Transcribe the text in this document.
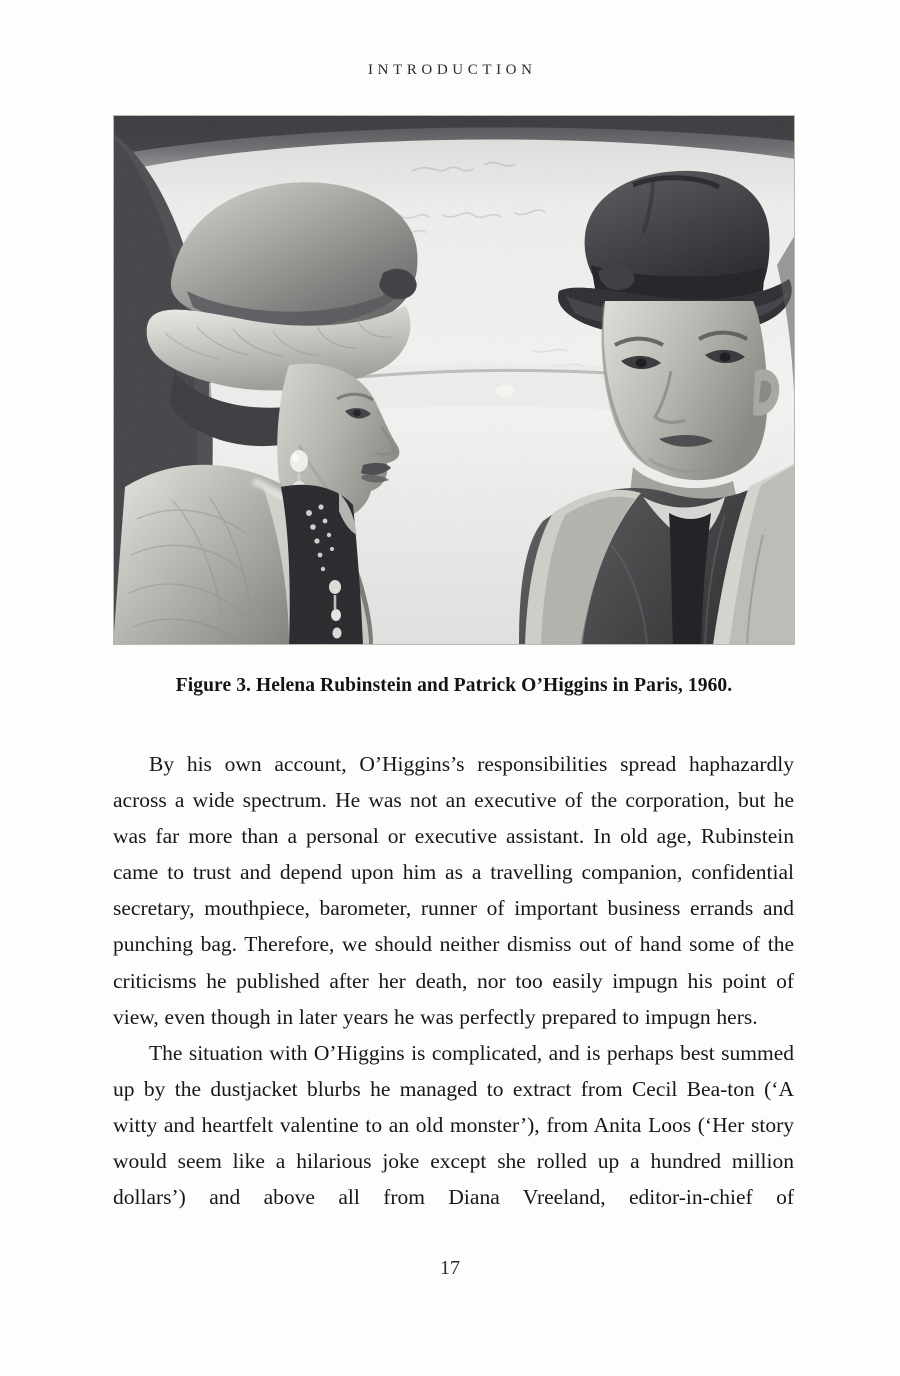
INTRODUCTION
Figure 3. Helena Rubinstein and Patrick O’Higgins in Paris, 1960.

By his own account, O’Higgins’s responsibilities spread haphazardly across a wide spectrum. He was not an executive of the corporation, but he was far more than a personal or executive assistant. In old age, Rubinstein came to trust and depend upon him as a travelling companion, confidential secretary, mouthpiece, barometer, runner of important business errands and punching bag. Therefore, we should neither dismiss out of hand some of the criticisms he published after her death, nor too easily impugn his point of view, even though in later years he was perfectly prepared to impugn hers.

The situation with O’Higgins is complicated, and is perhaps best summed up by the dustjacket blurbs he managed to extract from Cecil Bea-ton (‘A witty and heartfelt valentine to an old monster’), from Anita Loos (‘Her story would seem like a hilarious joke except she rolled up a hundred million dollars’) and above all from Diana Vreeland, editor-in-chief of

17
